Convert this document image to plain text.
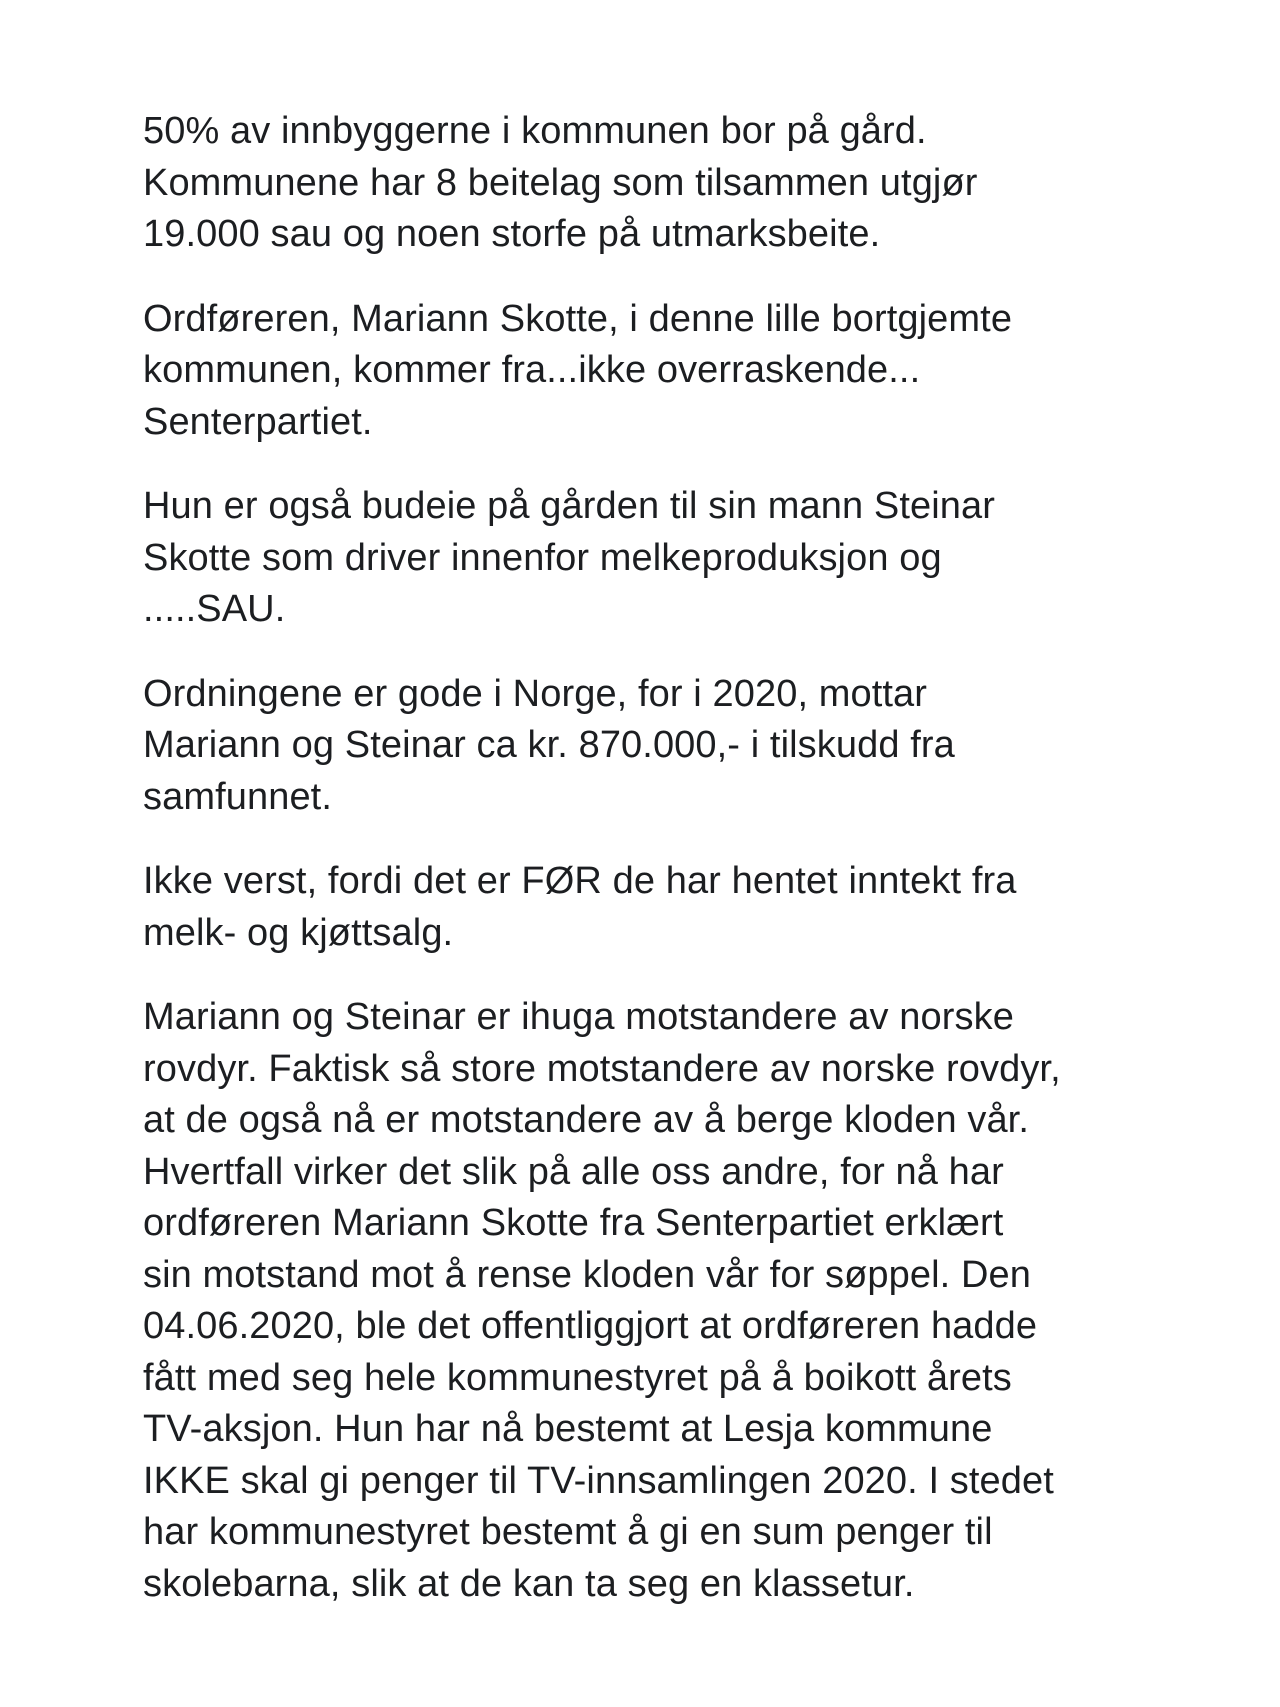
50% av innbyggerne i kommunen bor på gård.
Kommunene har 8 beitelag som tilsammen utgjør
19.000 sau og noen storfe på utmarksbeite.
Ordføreren, Mariann Skotte, i denne lille bortgjemte
kommunen, kommer fra...ikke overraskende...
Senterpartiet.
Hun er også budeie på gården til sin mann Steinar
Skotte som driver innenfor melkeproduksjon og
.....SAU.
Ordningene er gode i Norge, for i 2020, mottar
Mariann og Steinar ca kr. 870.000,- i tilskudd fra
samfunnet.
Ikke verst, fordi det er FØR de har hentet inntekt fra
melk- og kjøttsalg.
Mariann og Steinar er ihuga motstandere av norske
rovdyr. Faktisk så store motstandere av norske rovdyr,
at de også nå er motstandere av å berge kloden vår.
Hvertfall virker det slik på alle oss andre, for nå har
ordføreren Mariann Skotte fra Senterpartiet erklært
sin motstand mot å rense kloden vår for søppel. Den
04.06.2020, ble det offentliggjort at ordføreren hadde
fått med seg hele kommunestyret på å boikott årets
TV-aksjon. Hun har nå bestemt at Lesja kommune
IKKE skal gi penger til TV-innsamlingen 2020. I stedet
har kommunestyret bestemt å gi en sum penger til
skolebarna, slik at de kan ta seg en klassetur.
